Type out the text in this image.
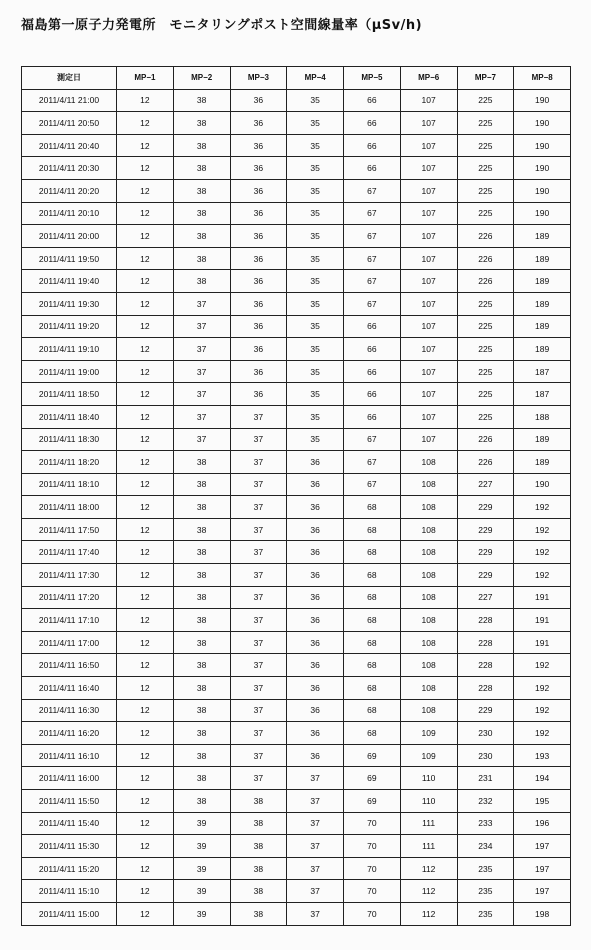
福島第一原子力発電所　モニタリングポスト空間線量率（μSv/h)
測定日	MP−1	MP−2	MP−3	MP−4	MP−5	MP−6	MP−7	MP−8
2011/4/11 21:00	12	38	36	35	66	107	225	190
2011/4/11 20:50	12	38	36	35	66	107	225	190
2011/4/11 20:40	12	38	36	35	66	107	225	190
2011/4/11 20:30	12	38	36	35	66	107	225	190
2011/4/11 20:20	12	38	36	35	67	107	225	190
2011/4/11 20:10	12	38	36	35	67	107	225	190
2011/4/11 20:00	12	38	36	35	67	107	226	189
2011/4/11 19:50	12	38	36	35	67	107	226	189
2011/4/11 19:40	12	38	36	35	67	107	226	189
2011/4/11 19:30	12	37	36	35	67	107	225	189
2011/4/11 19:20	12	37	36	35	66	107	225	189
2011/4/11 19:10	12	37	36	35	66	107	225	189
2011/4/11 19:00	12	37	36	35	66	107	225	187
2011/4/11 18:50	12	37	36	35	66	107	225	187
2011/4/11 18:40	12	37	37	35	66	107	225	188
2011/4/11 18:30	12	37	37	35	67	107	226	189
2011/4/11 18:20	12	38	37	36	67	108	226	189
2011/4/11 18:10	12	38	37	36	67	108	227	190
2011/4/11 18:00	12	38	37	36	68	108	229	192
2011/4/11 17:50	12	38	37	36	68	108	229	192
2011/4/11 17:40	12	38	37	36	68	108	229	192
2011/4/11 17:30	12	38	37	36	68	108	229	192
2011/4/11 17:20	12	38	37	36	68	108	227	191
2011/4/11 17:10	12	38	37	36	68	108	228	191
2011/4/11 17:00	12	38	37	36	68	108	228	191
2011/4/11 16:50	12	38	37	36	68	108	228	192
2011/4/11 16:40	12	38	37	36	68	108	228	192
2011/4/11 16:30	12	38	37	36	68	108	229	192
2011/4/11 16:20	12	38	37	36	68	109	230	192
2011/4/11 16:10	12	38	37	36	69	109	230	193
2011/4/11 16:00	12	38	37	37	69	110	231	194
2011/4/11 15:50	12	38	38	37	69	110	232	195
2011/4/11 15:40	12	39	38	37	70	111	233	196
2011/4/11 15:30	12	39	38	37	70	111	234	197
2011/4/11 15:20	12	39	38	37	70	112	235	197
2011/4/11 15:10	12	39	38	37	70	112	235	197
2011/4/11 15:00	12	39	38	37	70	112	235	198
